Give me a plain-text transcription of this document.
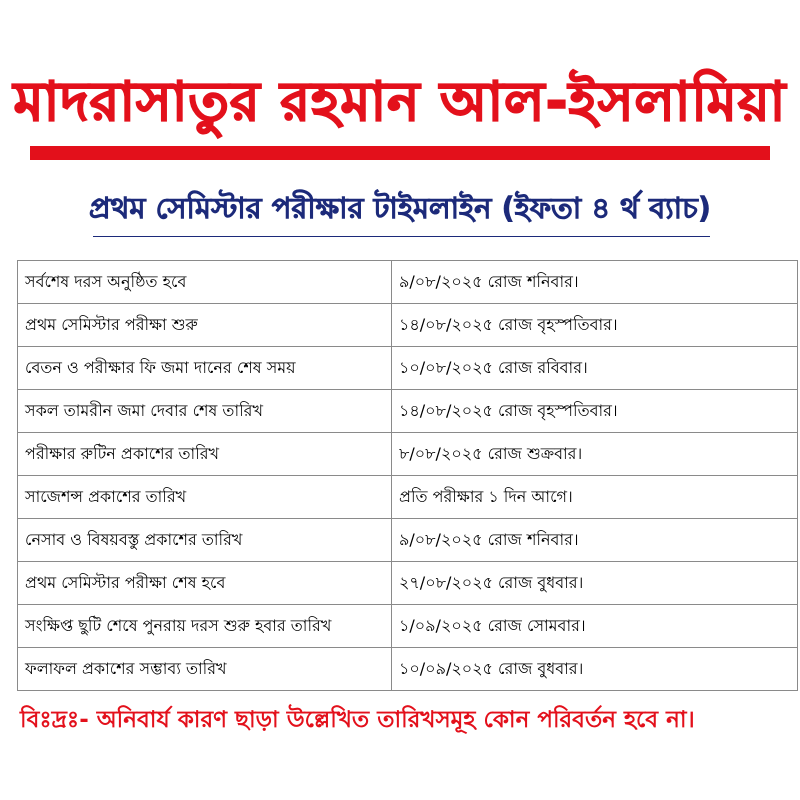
মাদরাসাতুর রহমান আল-ইসলামিয়া
প্রথম সেমিস্টার পরীক্ষার টাইমলাইন (ইফতা ৪ র্থ ব্যাচ)
সর্বশেষ দরস অনুষ্ঠিত হবে	৯/০৮/২০২৫ রোজ শনিবার।
প্রথম সেমিস্টার পরীক্ষা শুরু	১৪/০৮/২০২৫ রোজ বৃহস্পতিবার।
বেতন ও পরীক্ষার ফি জমা দানের শেষ সময়	১০/০৮/২০২৫ রোজ রবিবার।
সকল তামরীন জমা দেবার শেষ তারিখ	১৪/০৮/২০২৫ রোজ বৃহস্পতিবার।
পরীক্ষার রুটিন প্রকাশের তারিখ	৮/০৮/২০২৫ রোজ শুক্রবার।
সাজেশন্স প্রকাশের তারিখ	প্রতি পরীক্ষার ১ দিন আগে।
নেসাব ও বিষয়বস্তু প্রকাশের তারিখ	৯/০৮/২০২৫ রোজ শনিবার।
প্রথম সেমিস্টার পরীক্ষা শেষ হবে	২৭/০৮/২০২৫ রোজ বুধবার।
সংক্ষিপ্ত ছুটি শেষে পুনরায় দরস শুরু হবার তারিখ	১/০৯/২০২৫ রোজ সোমবার।
ফলাফল প্রকাশের সম্ভাব্য তারিখ	১০/০৯/২০২৫ রোজ বুধবার।
বিঃদ্রঃ- অনিবার্য কারণ ছাড়া উল্লেখিত তারিখসমূহ কোন পরিবর্তন হবে না।
